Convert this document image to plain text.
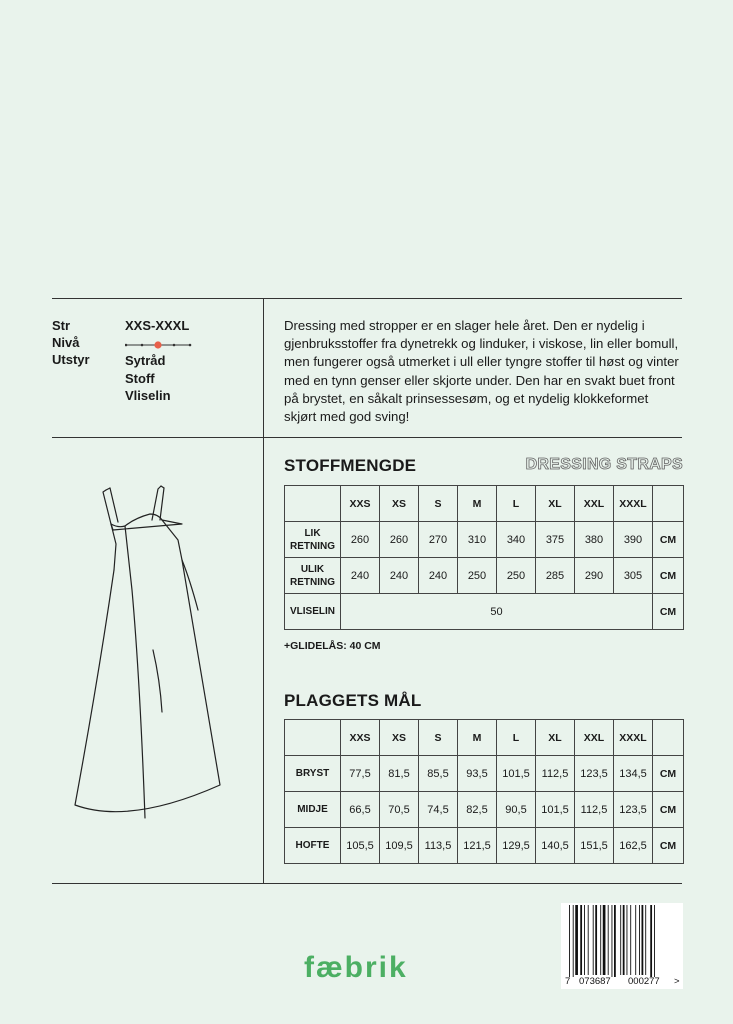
Str	XXS-XXXL
Nivå
Utstyr	Sytråd
Stoff
Vliselin
Dressing med stropper er en slager hele året. Den er nydelig i gjenbruksstoffer fra dynetrekk og linduker, i viskose, lin eller bomull, men fungerer også utmerket i ull eller tyngre stoffer til høst og vinter med en tynn genser eller skjorte under. Den har en svakt buet front på brystet, en såkalt prinsessesøm, og et nydelig klokkeformet skjørt med god sving!
STOFFMENGDE	DRESSING STRAPS
	XXS	XS	S	M	L	XL	XXL	XXXL	
LIK
RETNING	260	260	270	310	340	375	380	390	CM
ULIK
RETNING	240	240	240	250	250	285	290	305	CM
VLISELIN	50								CM
+GLIDELÅS: 40 CM
PLAGGETS MÅL
	XXS	XS	S	M	L	XL	XXL	XXXL	
BRYST	77,5	81,5	85,5	93,5	101,5	112,5	123,5	134,5	CM
MIDJE	66,5	70,5	74,5	82,5	90,5	101,5	112,5	123,5	CM
HOFTE	105,5	109,5	113,5	121,5	129,5	140,5	151,5	162,5	CM
fæbrik	7 073687 000277 >
